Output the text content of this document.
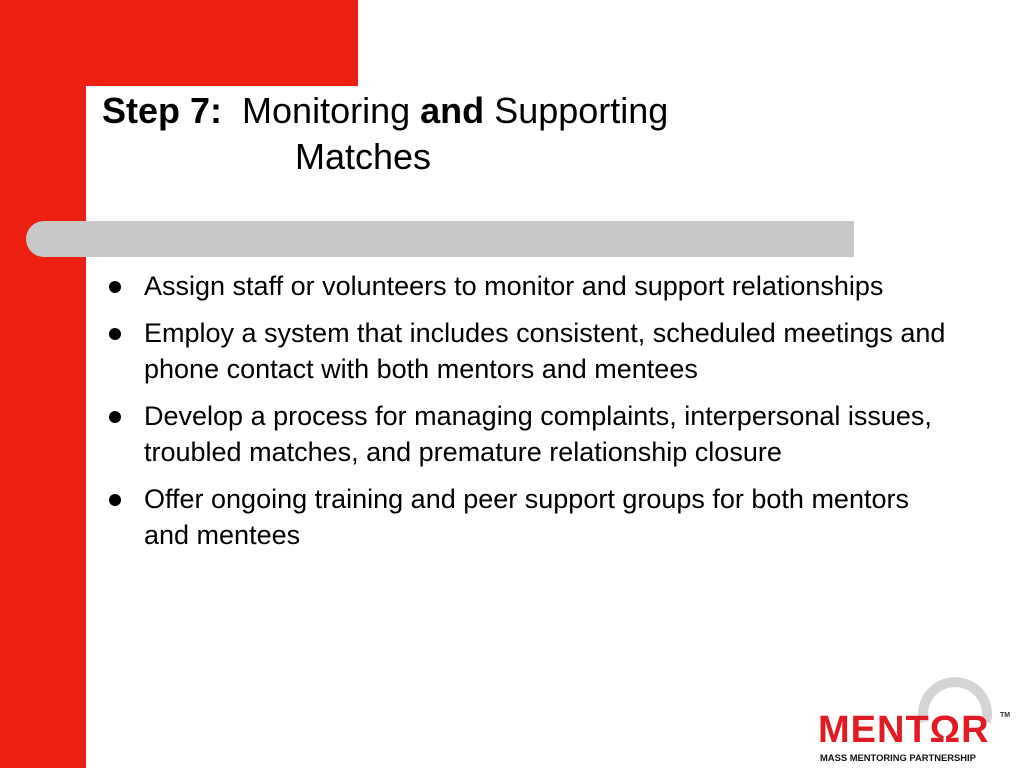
Step 7: Monitoring and Supporting
Matches
Assign staff or volunteers to monitor and support relationships
Employ a system that includes consistent, scheduled meetings and phone contact with both mentors and mentees
Develop a process for managing complaints, interpersonal issues, troubled matches, and premature relationship closure
Offer ongoing training and peer support groups for both mentors and mentees
MENTΩR TM
MASS MENTORING PARTNERSHIP
